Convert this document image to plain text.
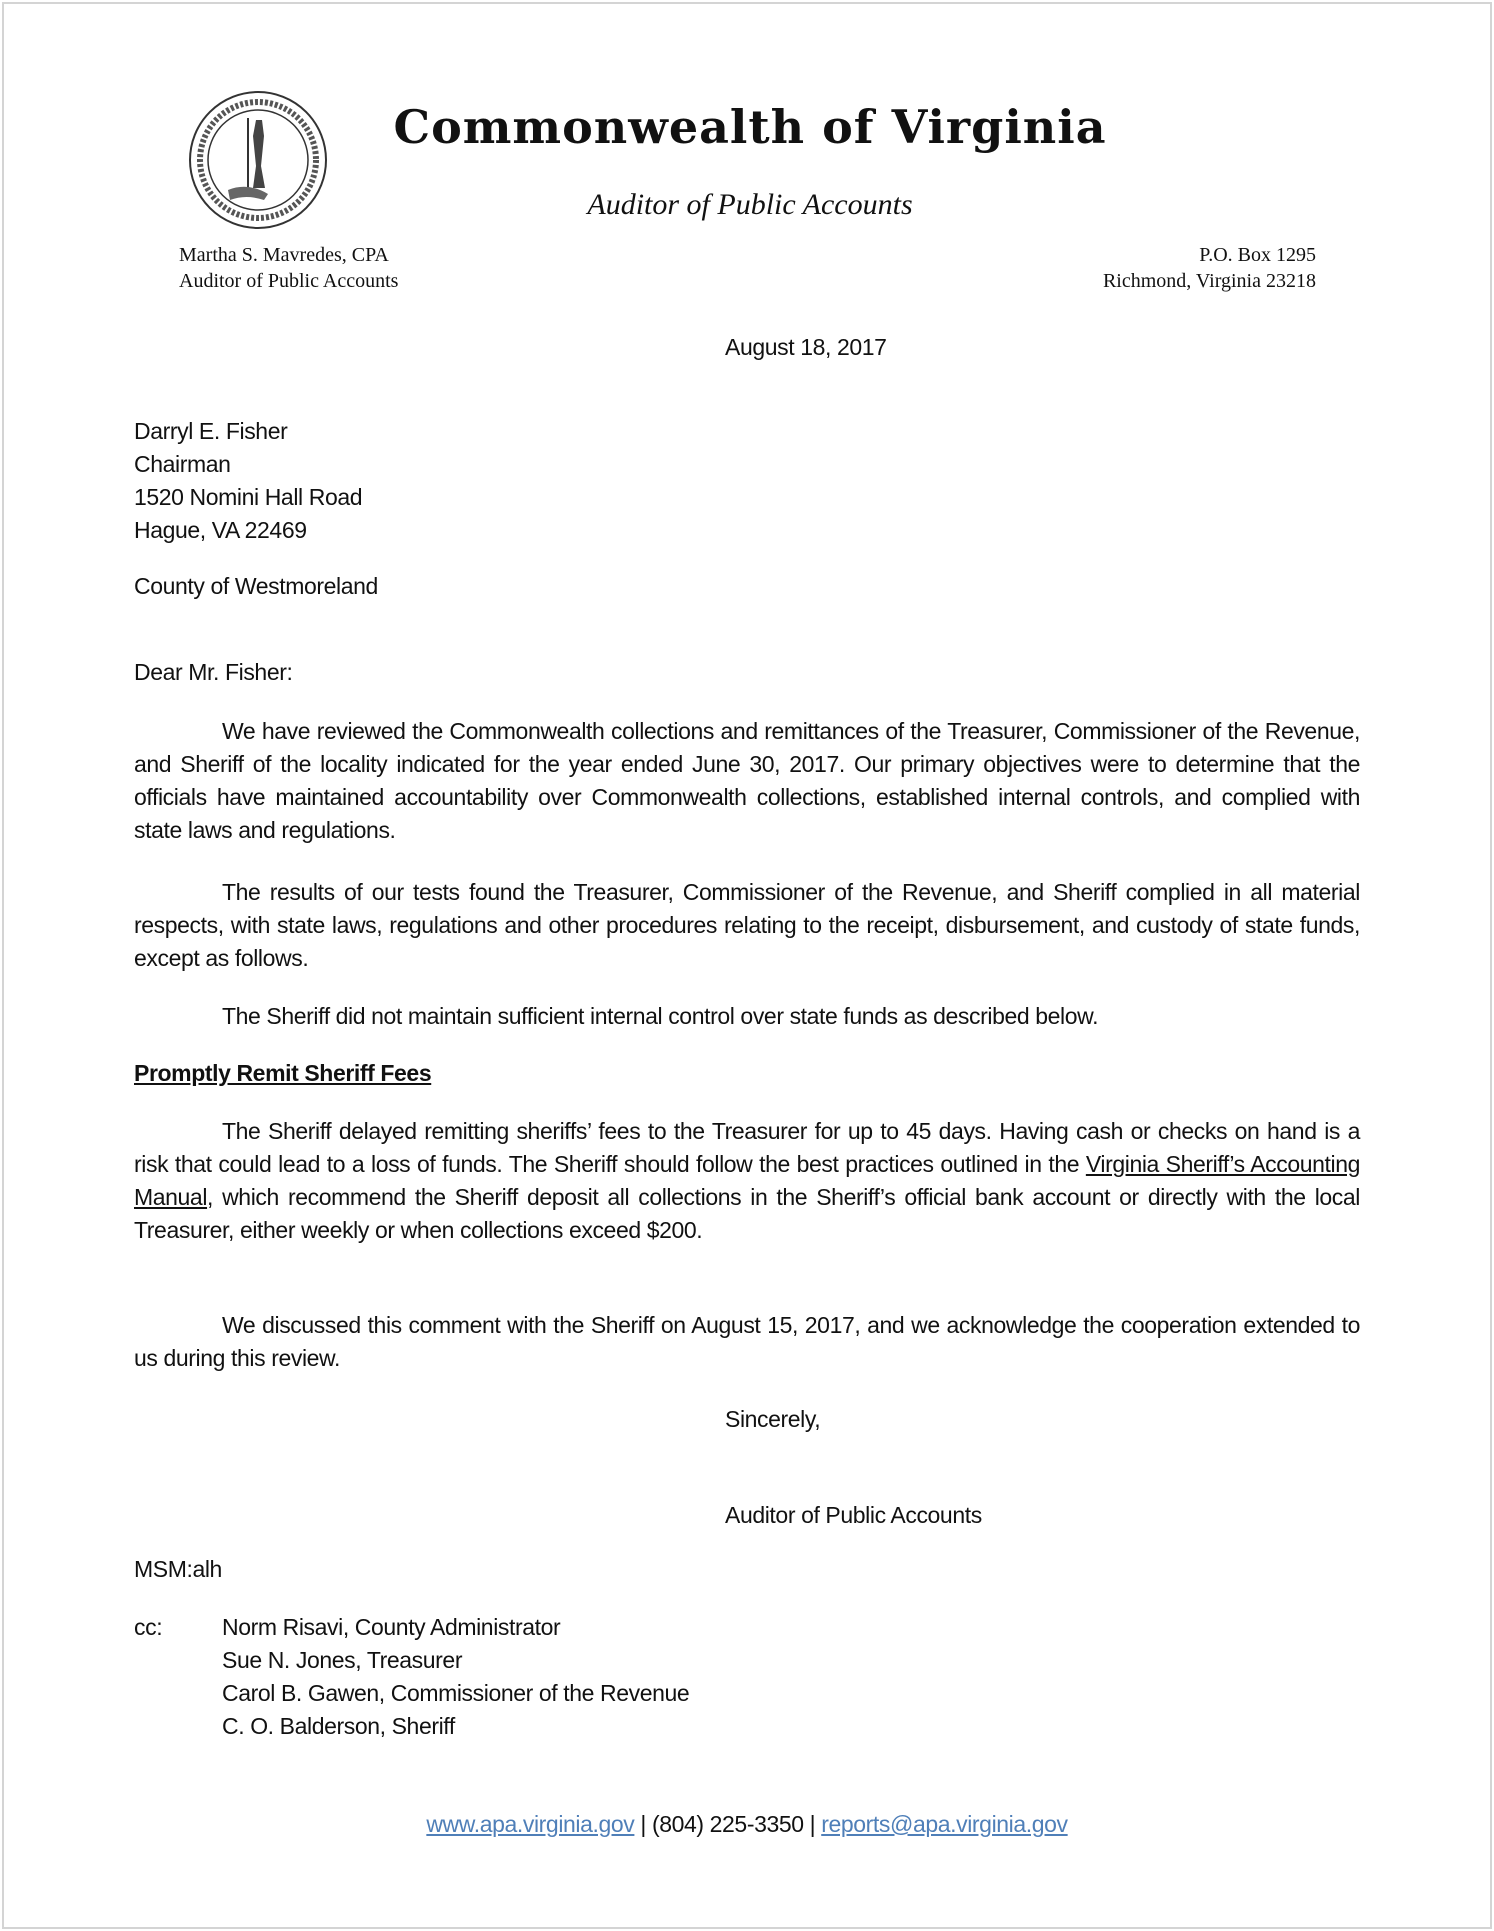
Commonwealth of Virginia
Auditor of Public Accounts
Martha S. Mavredes, CPA
Auditor of Public Accounts
P.O. Box 1295
Richmond, Virginia 23218
August 18, 2017
Darryl E. Fisher
Chairman
1520 Nomini Hall Road
Hague, VA 22469
County of Westmoreland
Dear Mr. Fisher:

We have reviewed the Commonwealth collections and remittances of the Treasurer, Commissioner of the Revenue, and Sheriff of the locality indicated for the year ended June 30, 2017. Our primary objectives were to determine that the officials have maintained accountability over Commonwealth collections, established internal controls, and complied with state laws and regulations.

The results of our tests found the Treasurer, Commissioner of the Revenue, and Sheriff complied in all material respects, with state laws, regulations and other procedures relating to the receipt, disbursement, and custody of state funds, except as follows.

The Sheriff did not maintain sufficient internal control over state funds as described below.

Promptly Remit Sheriff Fees

The Sheriff delayed remitting sheriffs’ fees to the Treasurer for up to 45 days. Having cash or checks on hand is a risk that could lead to a loss of funds. The Sheriff should follow the best practices outlined in the Virginia Sheriff’s Accounting Manual, which recommend the Sheriff deposit all collections in the Sheriff’s official bank account or directly with the local Treasurer, either weekly or when collections exceed $200.

We discussed this comment with the Sheriff on August 15, 2017, and we acknowledge the cooperation extended to us during this review.

Sincerely,
Auditor of Public Accounts
MSM:alh
cc:	Norm Risavi, County Administrator
Sue N. Jones, Treasurer
Carol B. Gawen, Commissioner of the Revenue
C. O. Balderson, Sheriff
www.apa.virginia.gov | (804) 225-3350 | reports@apa.virginia.gov
